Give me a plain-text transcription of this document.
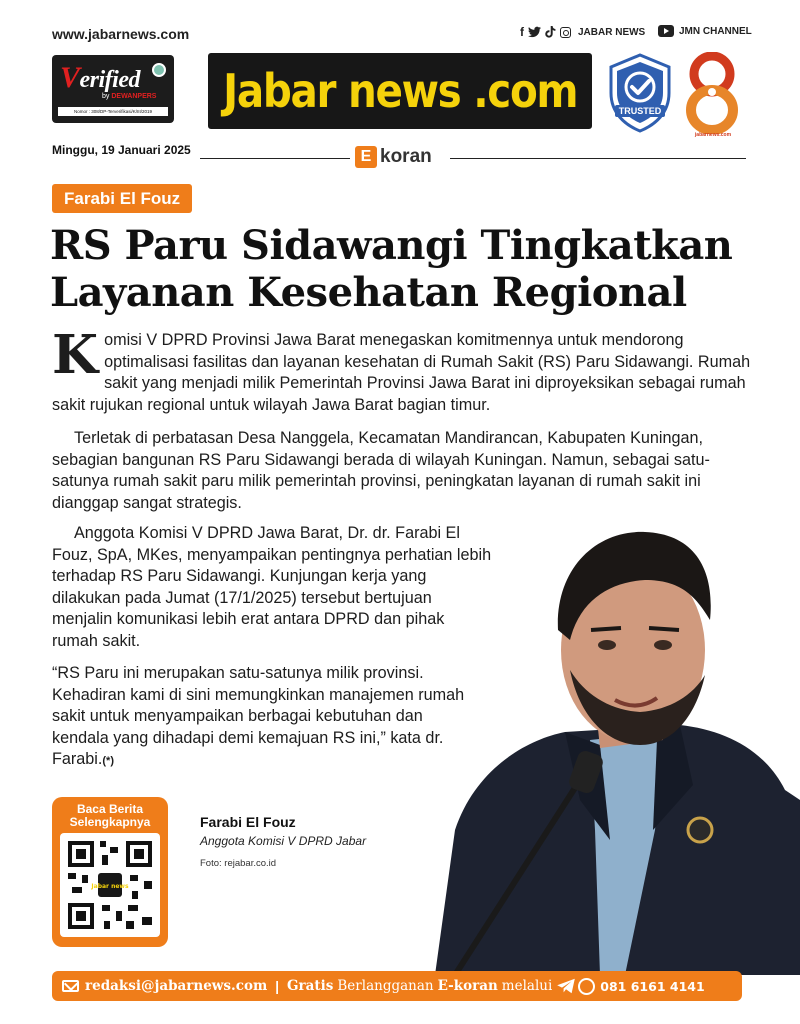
www.jabarnews.com	f	JABAR NEWS	JMN CHANNEL
Verified
by DEWANPERS
Nomor : 308/DP-Terverifikasi/K/III/2019	Jabar news .com	TRUSTED
jabarnews.com
Minggu, 19 Januari 2025	E koran
Farabi El Fouz
RS Paru Sidawangi Tingkatkan Layanan Kesehatan Regional
Komisi V DPRD Provinsi Jawa Barat menegaskan komitmennya untuk mendorong optimalisasi fasilitas dan layanan kesehatan di Rumah Sakit (RS) Paru Sidawangi. Rumah sakit yang menjadi milik Pemerintah Provinsi Jawa Barat ini diproyeksikan sebagai rumah sakit rujukan regional untuk wilayah Jawa Barat bagian timur.
Terletak di perbatasan Desa Nanggela, Kecamatan Mandirancan, Kabupaten Kuningan, sebagian bangunan RS Paru Sidawangi berada di wilayah Kuningan. Namun, sebagai satu-satunya rumah sakit paru milik pemerintah provinsi, peningkatan layanan di rumah sakit ini dianggap sangat strategis.
Anggota Komisi V DPRD Jawa Barat, Dr. dr. Farabi El Fouz, SpA, MKes, menyampaikan pentingnya perhatian lebih terhadap RS Paru Sidawangi. Kunjungan kerja yang dilakukan pada Jumat (17/1/2025) tersebut bertujuan menjalin komunikasi lebih erat antara DPRD dan pihak rumah sakit.
“RS Paru ini merupakan satu-satunya milik provinsi. Kehadiran kami di sini memungkinkan manajemen rumah sakit untuk menyampaikan berbagai kebutuhan dan kendala yang dihadapi demi kemajuan RS ini,” kata dr. Farabi.(*)
Baca Berita
Selengkapnya
Jabar news
Farabi El Fouz
Anggota Komisi V DPRD Jabar
Foto: rejabar.co.id
redaksi@jabarnews.com | Gratis Berlangganan E-koran melalui	081 6161 4141
